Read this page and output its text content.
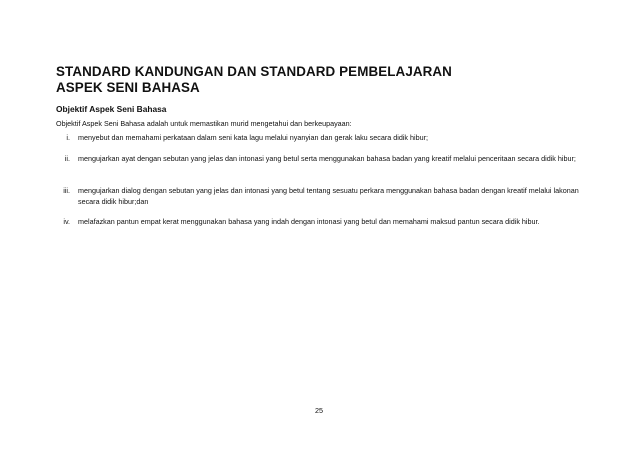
STANDARD KANDUNGAN DAN STANDARD PEMBELAJARAN
ASPEK SENI BAHASA
Objektif Aspek Seni Bahasa
Objektif Aspek Seni Bahasa adalah untuk memastikan murid mengetahui dan berkeupayaan:
i. menyebut dan memahami perkataan dalam seni kata lagu melalui nyanyian dan gerak laku secara didik hibur;
ii. mengujarkan ayat dengan sebutan yang jelas dan intonasi yang betul serta menggunakan bahasa badan yang kreatif melalui penceritaan secara didik hibur;
iii. mengujarkan dialog dengan sebutan yang jelas dan intonasi yang betul tentang sesuatu perkara menggunakan bahasa badan dengan kreatif melalui lakonan secara didik hibur;dan
iv. melafazkan pantun empat kerat menggunakan bahasa yang indah dengan intonasi yang betul dan memahami maksud pantun secara didik hibur.
25
